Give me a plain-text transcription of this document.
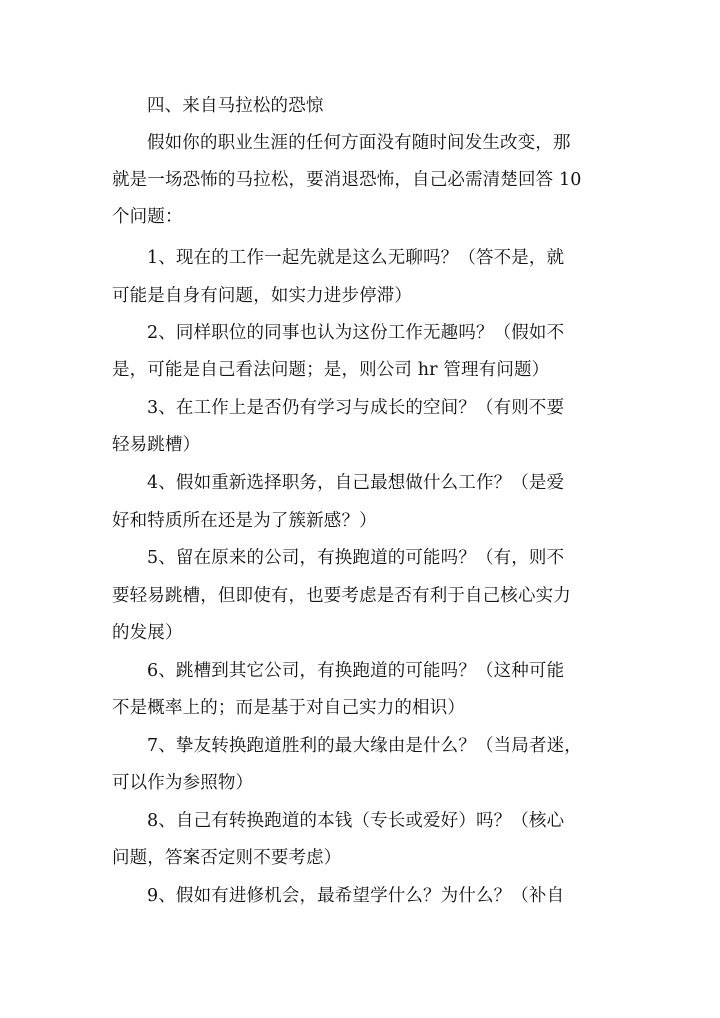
四、来自马拉松的恐惊
假如你的职业生涯的任何方面没有随时间发生改变，那
就是一场恐怖的马拉松，要消退恐怖，自己必需清楚回答 10
个问题：
1、现在的工作一起先就是这么无聊吗？（答不是，就
可能是自身有问题，如实力进步停滞）
2、同样职位的同事也认为这份工作无趣吗？（假如不
是，可能是自己看法问题；是，则公司 hr 管理有问题）
3、在工作上是否仍有学习与成长的空间？（有则不要
轻易跳槽）
4、假如重新选择职务，自己最想做什么工作？（是爱
好和特质所在还是为了簇新感？）
5、留在原来的公司，有换跑道的可能吗？（有，则不
要轻易跳槽，但即使有，也要考虑是否有利于自己核心实力
的发展）
6、跳槽到其它公司，有换跑道的可能吗？（这种可能
不是概率上的；而是基于对自己实力的相识）
7、挚友转换跑道胜利的最大缘由是什么？（当局者迷，
可以作为参照物）
8、自己有转换跑道的本钱（专长或爱好）吗？（核心
问题，答案否定则不要考虑）
9、假如有进修机会，最希望学什么？为什么？（补自
